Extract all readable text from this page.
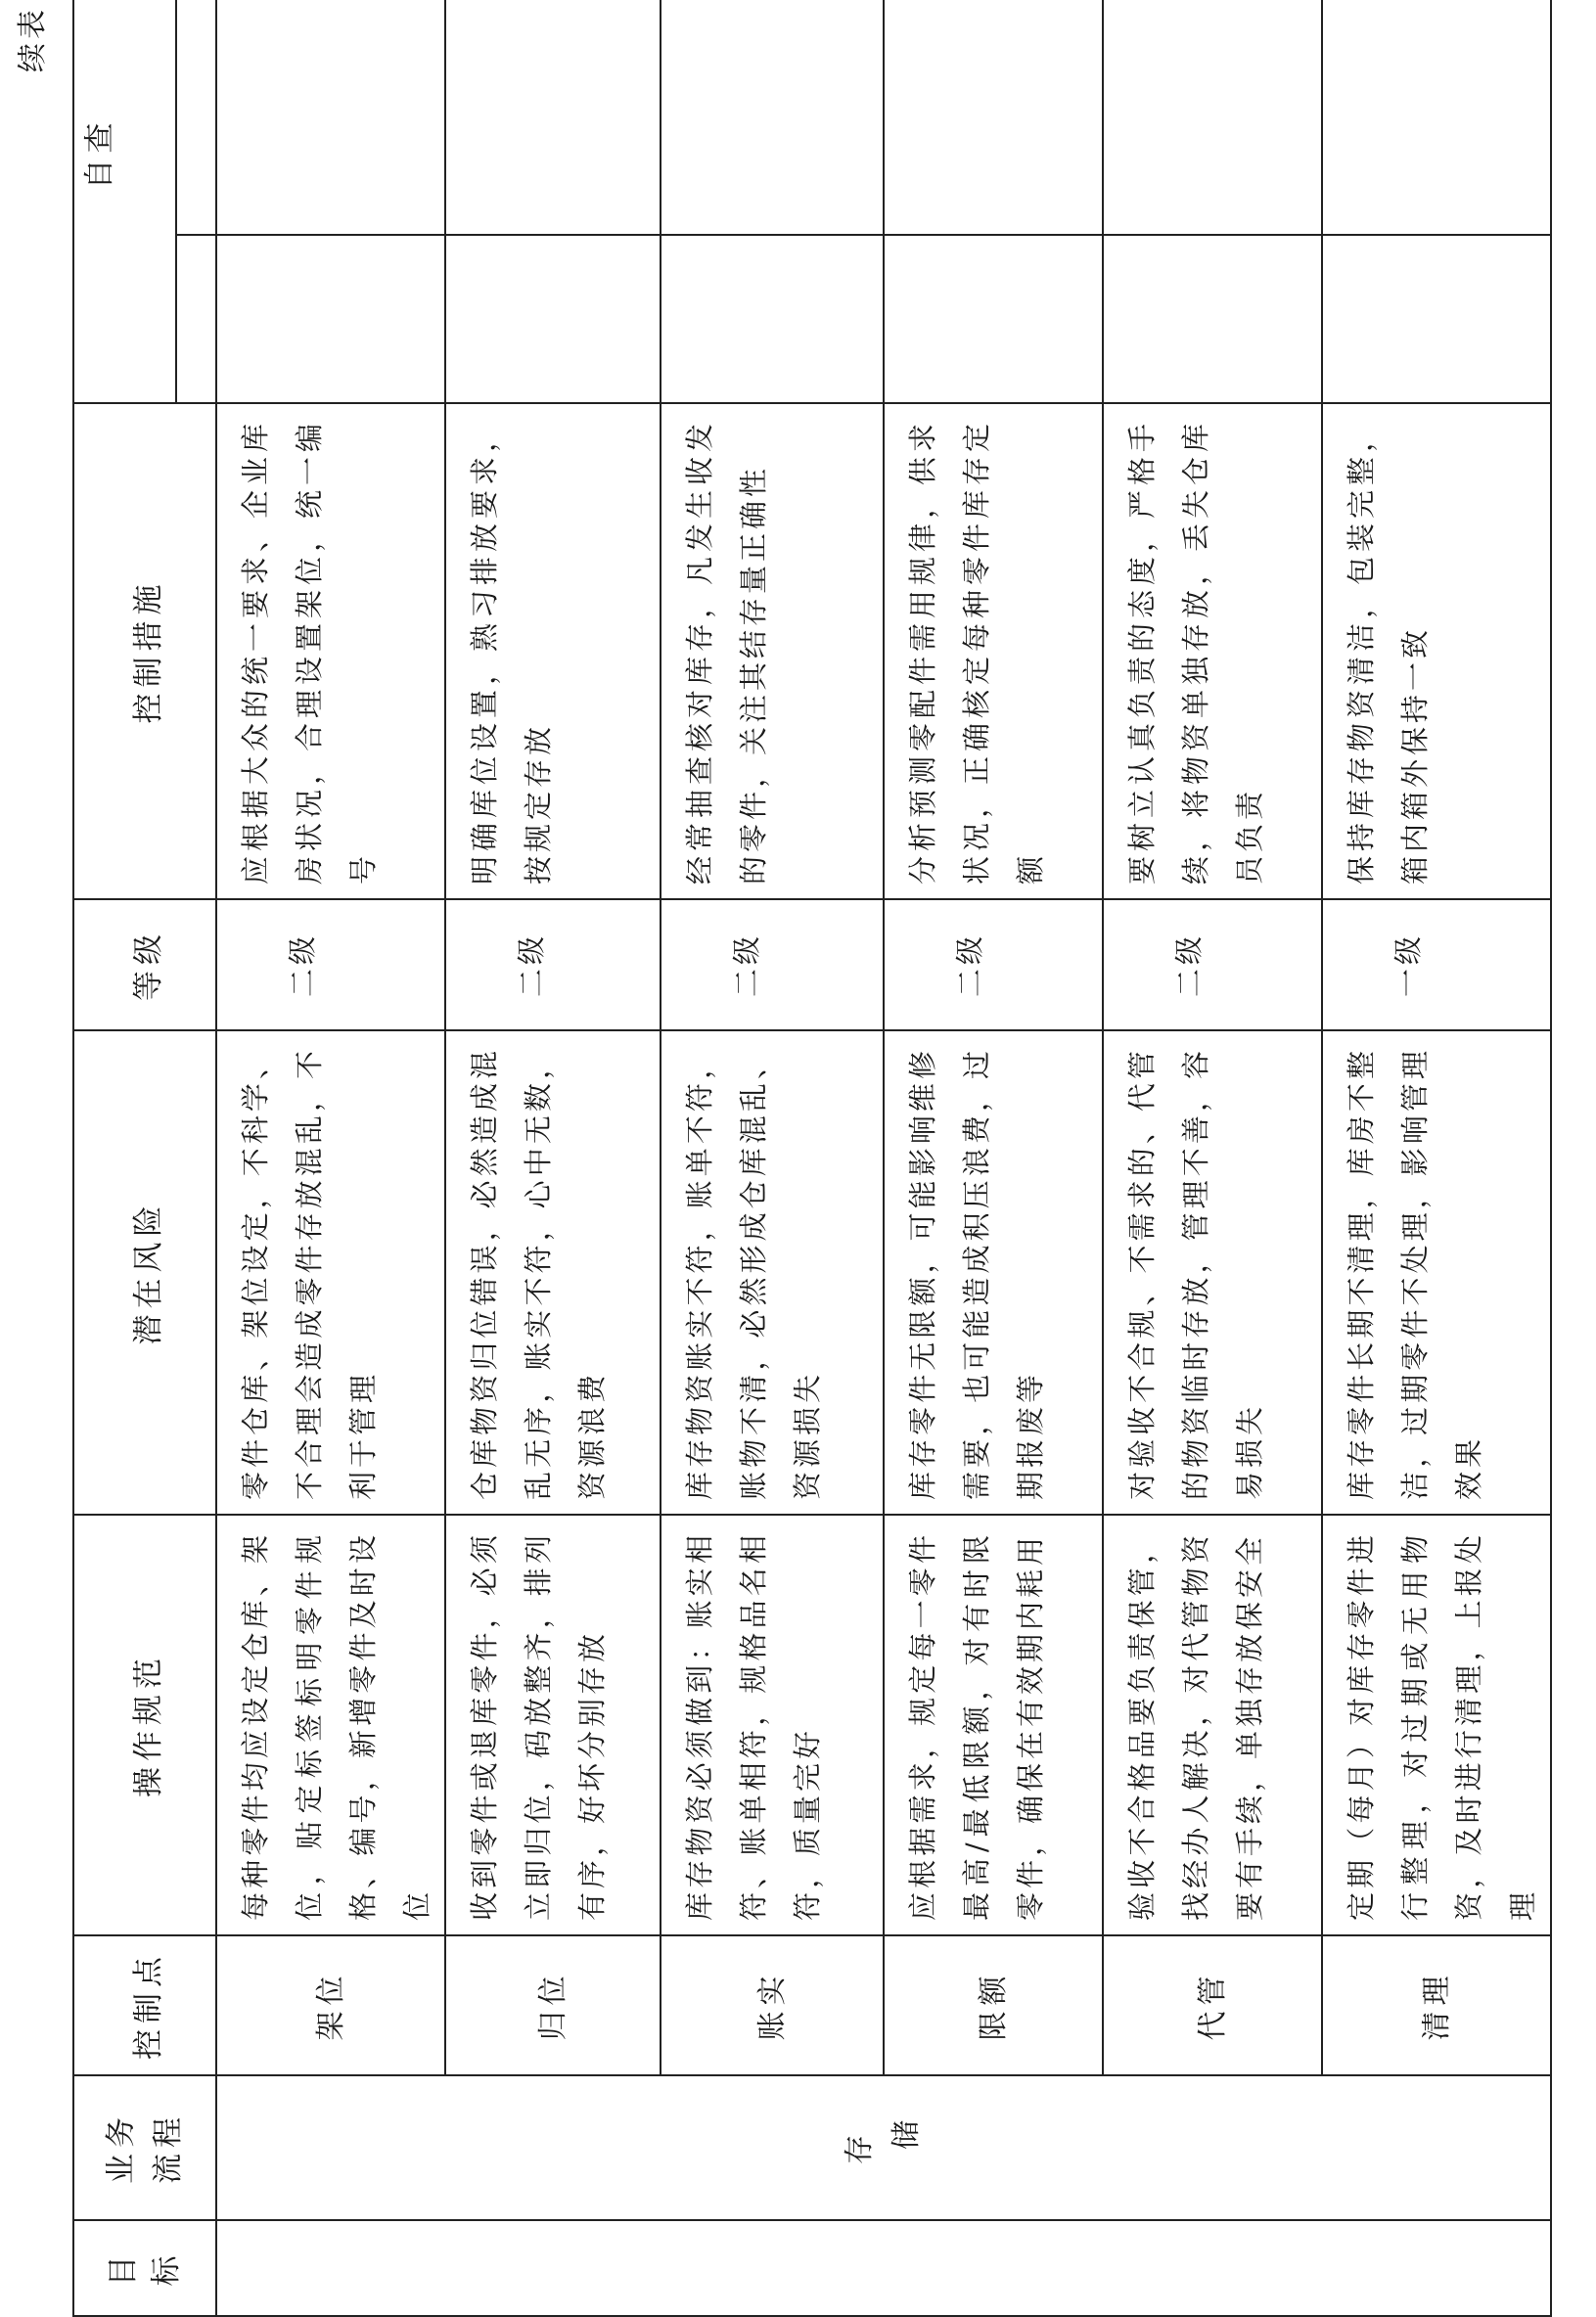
续表
目 标	业务 流程	控制点	操作规范	潜在风险	等级	控制措施	自查	

	存 储	架位	每种零件均应设定仓库、架位，贴定标签标明零件规格、编号，新增零件及时设位	零件仓库、架位设定，不科学、不合理会造成零件存放混乱，不利于管理	二级	应根据大众的统一要求、企业库房状况，合理设置架位，统一编号		
		归位	收到零件或退库零件，必须立即归位，码放整齐，排列有序，好坏分别存放	仓库物资归位错误，必然造成混乱无序，账实不符，心中无数，资源浪费	二级	明确库位设置，熟习排放要求，按规定存放		
		账实	库存物资必须做到：账实相符、账单相符，规格品名相符，质量完好	库存物资账实不符，账单不符，账物不清，必然形成仓库混乱、资源损失	二级	经常抽查核对库存，凡发生收发的零件，关注其结存量正确性		
		限额	应根据需求，规定每一零件最高/最低限额，对有时限零件，确保在有效期内耗用	库存零件无限额，可能影响维修需要，也可能造成积压浪费，过期报废等	二级	分析预测零配件需用规律，供求状况，正确核定每种零件库存定额		
		代管	验收不合格品要负责保管，找经办人解决，对代管物资要有手续，单独存放保安全	对验收不合规、不需求的、代管的物资临时存放，管理不善，容易损失	二级	要树立认真负责的态度，严格手续，将物资单独存放，丢失仓库员负责		
		清理	定期（每月）对库存零件进行整理，对过期或无用物资，及时进行清理，上报处理	库存零件长期不清理，库房不整洁，过期零件不处理，影响管理效果	一级	保持库存物资清洁，包装完整，箱内箱外保持一致		
